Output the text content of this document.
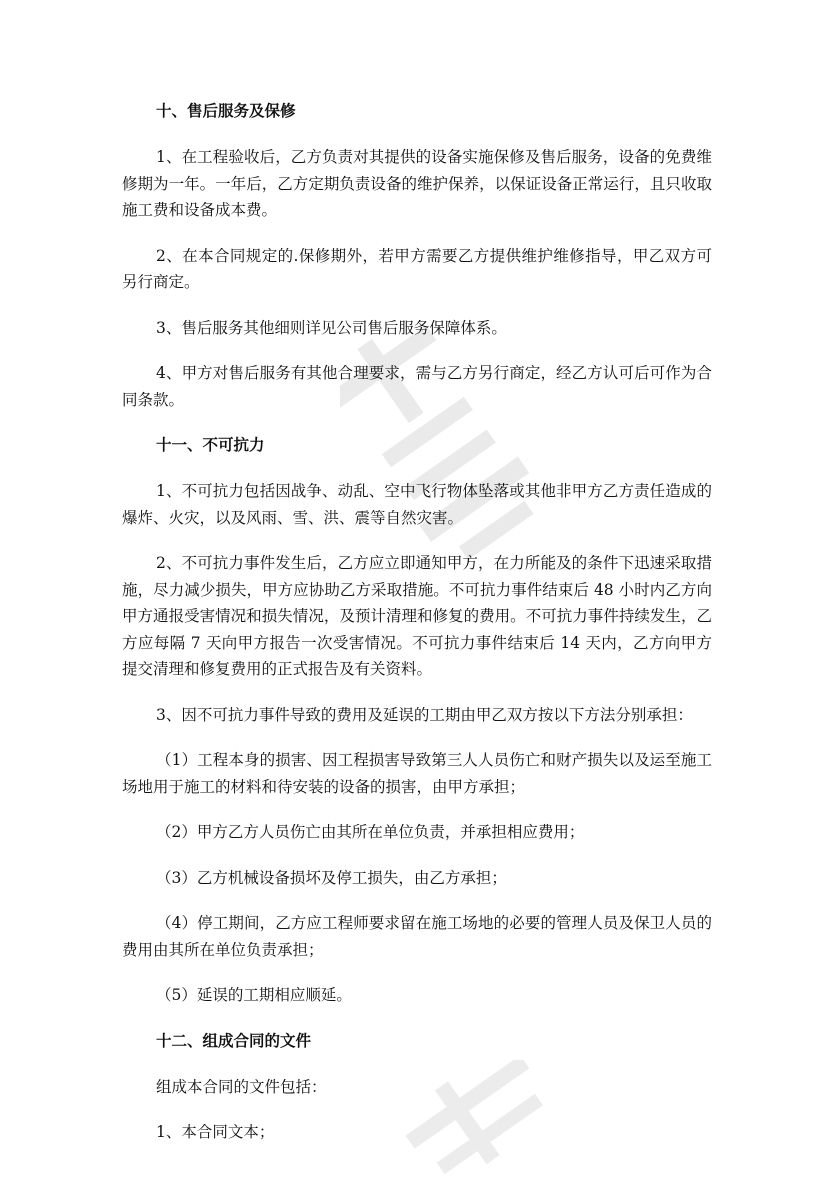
十、售后服务及保修

1、在工程验收后，乙方负责对其提供的设备实施保修及售后服务，设备的免费维修期为一年。一年后，乙方定期负责设备的维护保养，以保证设备正常运行，且只收取施工费和设备成本费。

2、在本合同规定的.保修期外，若甲方需要乙方提供维护维修指导，甲乙双方可另行商定。

3、售后服务其他细则详见公司售后服务保障体系。

4、甲方对售后服务有其他合理要求，需与乙方另行商定，经乙方认可后可作为合同条款。

十一、不可抗力

1、不可抗力包括因战争、动乱、空中飞行物体坠落或其他非甲方乙方责任造成的爆炸、火灾，以及风雨、雪、洪、震等自然灾害。

2、不可抗力事件发生后，乙方应立即通知甲方，在力所能及的条件下迅速采取措施，尽力减少损失，甲方应协助乙方采取措施。不可抗力事件结束后 48 小时内乙方向甲方通报受害情况和损失情况，及预计清理和修复的费用。不可抗力事件持续发生，乙方应每隔 7 天向甲方报告一次受害情况。不可抗力事件结束后 14 天内，乙方向甲方提交清理和修复费用的正式报告及有关资料。

3、因不可抗力事件导致的费用及延误的工期由甲乙双方按以下方法分别承担：

（1）工程本身的损害、因工程损害导致第三人人员伤亡和财产损失以及运至施工场地用于施工的材料和待安装的设备的损害，由甲方承担；

（2）甲方乙方人员伤亡由其所在单位负责，并承担相应费用；

（3）乙方机械设备损坏及停工损失，由乙方承担；

（4）停工期间，乙方应工程师要求留在施工场地的必要的管理人员及保卫人员的费用由其所在单位负责承担；

（5）延误的工期相应顺延。

十二、组成合同的文件

组成本合同的文件包括：

1、本合同文本；
